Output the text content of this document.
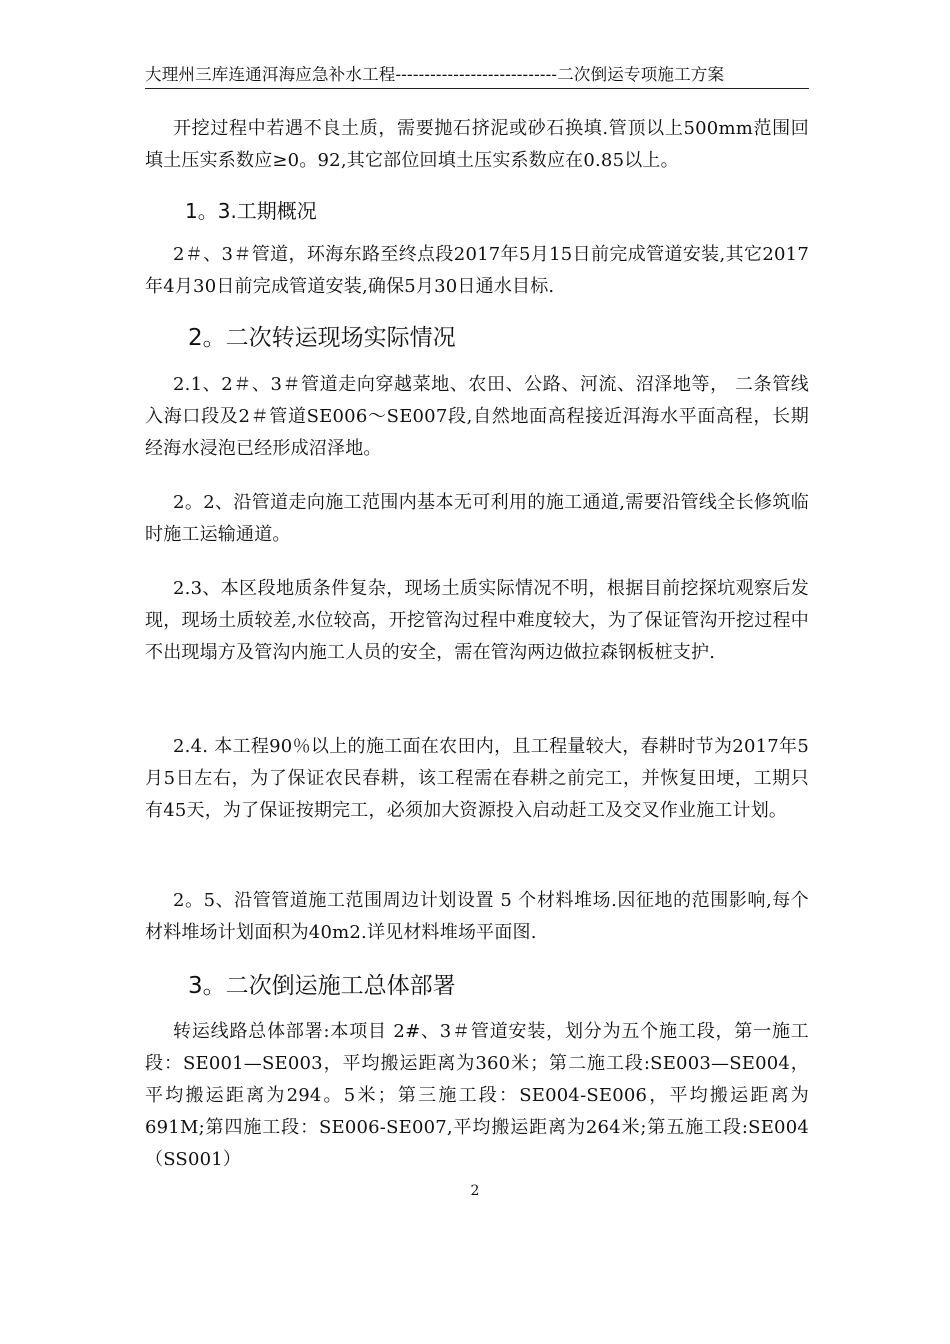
大理州三库连通洱海应急补水工程----------------------------二次倒运专项施工方案
开挖过程中若遇不良土质，需要抛石挤泥或砂石换填.管顶以上500mm范围回填土压实系数应≥0。92,其它部位回填土压实系数应在0.85以上。
1。3.工期概况
2＃、3＃管道，环海东路至终点段2017年5月15日前完成管道安装,其它2017年4月30日前完成管道安装,确保5月30日通水目标.
2。二次转运现场实际情况
2.1、2＃、3＃管道走向穿越菜地、农田、公路、河流、沼泽地等， 二条管线入海口段及2＃管道SE006～SE007段,自然地面高程接近洱海水平面高程，长期经海水浸泡已经形成沼泽地。
2。2、沿管道走向施工范围内基本无可利用的施工通道,需要沿管线全长修筑临时施工运输通道。
2.3、本区段地质条件复杂，现场土质实际情况不明，根据目前挖探坑观察后发现，现场土质较差,水位较高，开挖管沟过程中难度较大，为了保证管沟开挖过程中不出现塌方及管沟内施工人员的安全，需在管沟两边做拉森钢板桩支护.
2.4. 本工程90％以上的施工面在农田内，且工程量较大，春耕时节为2017年5月5日左右，为了保证农民春耕，该工程需在春耕之前完工，并恢复田埂，工期只有45天，为了保证按期完工，必须加大资源投入启动赶工及交叉作业施工计划。
2。5、沿管管道施工范围周边计划设置 5 个材料堆场.因征地的范围影响,每个材料堆场计划面积为40m2.详见材料堆场平面图.
3。二次倒运施工总体部署
转运线路总体部署:本项目 2#、3＃管道安装，划分为五个施工段，第一施工段：SE001—SE003，平均搬运距离为360米；第二施工段:SE003—SE004，平均搬运距离为294。5米；第三施工段：SE004-SE006，平均搬运距离为691M;第四施工段：SE006-SE007,平均搬运距离为264米;第五施工段:SE004（SS001）
2
